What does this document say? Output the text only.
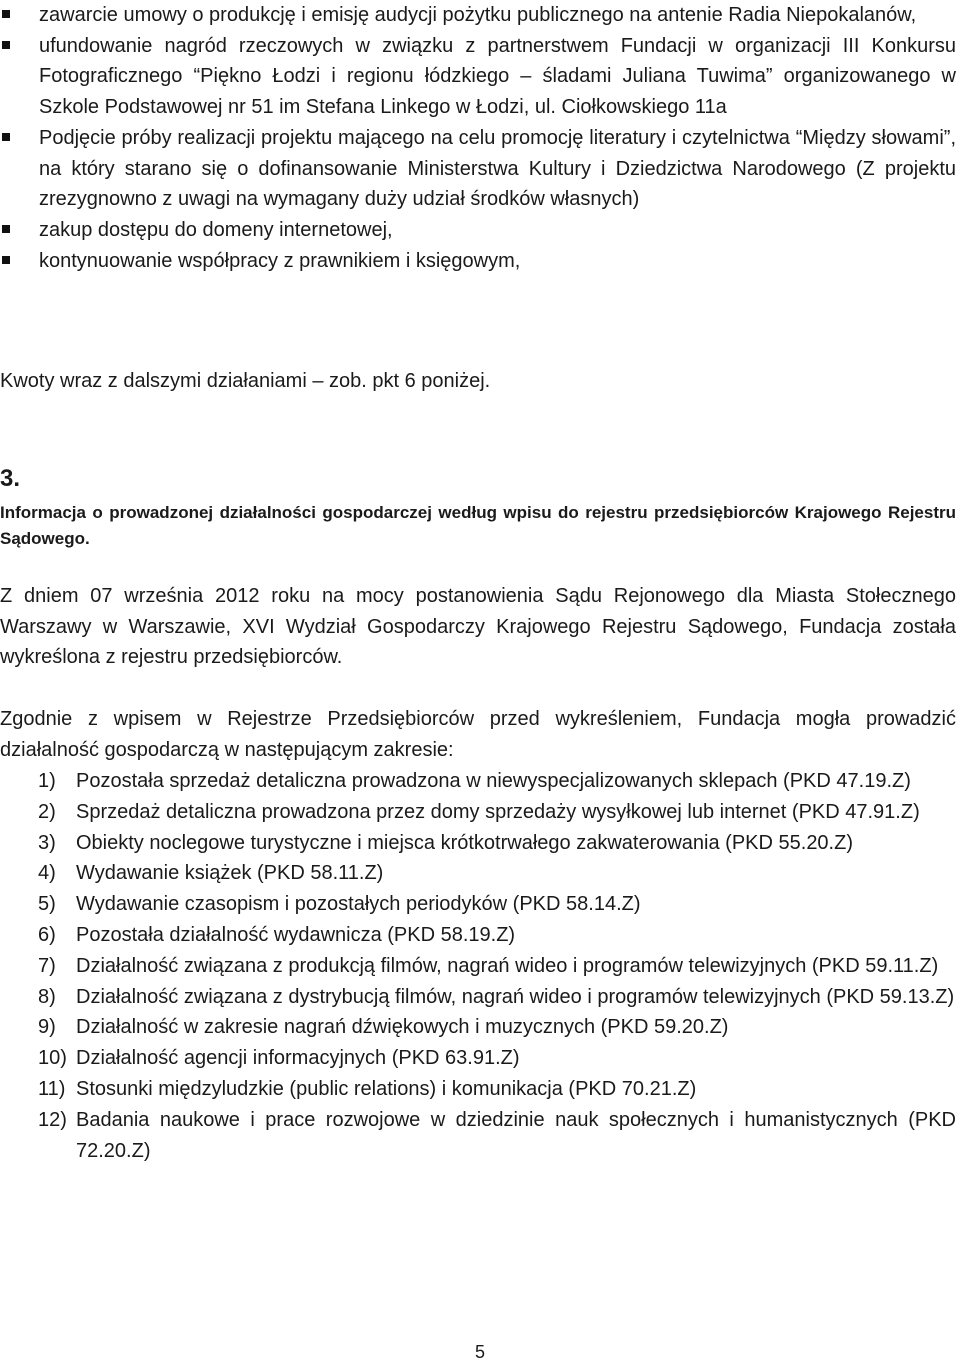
zawarcie umowy o produkcję i emisję audycji pożytku publicznego na antenie Radia Niepokalanów,
ufundowanie nagród rzeczowych w związku z partnerstwem Fundacji w organizacji III Konkursu Fotograficznego “Piękno Łodzi i regionu łódzkiego – śladami Juliana Tuwima” organizowanego w Szkole Podstawowej nr 51 im Stefana Linkego w Łodzi, ul. Ciołkowskiego 11a
Podjęcie próby realizacji projektu mającego na celu promocję literatury i czytelnictwa “Między słowami”, na który starano się o dofinansowanie Ministerstwa Kultury i Dziedzictwa Narodowego (Z projektu zrezygnowno z uwagi na wymagany duży udział środków własnych)
zakup dostępu do domeny internetowej,
kontynuowanie współpracy z prawnikiem i księgowym,

Kwoty wraz z dalszymi działaniami – zob. pkt 6 poniżej.

3.
Informacja o prowadzonej działalności gospodarczej według wpisu do rejestru przedsiębiorców Krajowego Rejestru Sądowego.

Z dniem 07 września 2012 roku na mocy postanowienia Sądu Rejonowego dla Miasta Stołecznego Warszawy w Warszawie, XVI Wydział Gospodarczy Krajowego Rejestru Sądowego, Fundacja została wykreślona z rejestru przedsiębiorców.

Zgodnie z wpisem w Rejestrze Przedsiębiorców przed wykreśleniem, Fundacja mogła prowadzić działalność gospodarczą w następującym zakresie:

1) Pozostała sprzedaż detaliczna prowadzona w niewyspecjalizowanych sklepach (PKD 47.19.Z)
2) Sprzedaż detaliczna prowadzona przez domy sprzedaży wysyłkowej lub internet (PKD 47.91.Z)
3) Obiekty noclegowe turystyczne i miejsca krótkotrwałego zakwaterowania (PKD 55.20.Z)
4) Wydawanie książek (PKD 58.11.Z)
5) Wydawanie czasopism i pozostałych periodyków (PKD 58.14.Z)
6) Pozostała działalność wydawnicza (PKD 58.19.Z)
7) Działalność związana z produkcją filmów, nagrań wideo i programów telewizyjnych (PKD 59.11.Z)
8) Działalność związana z dystrybucją filmów, nagrań wideo i programów telewizyjnych (PKD 59.13.Z)
9) Działalność w zakresie nagrań dźwiękowych i muzycznych (PKD 59.20.Z)
10) Działalność agencji informacyjnych (PKD 63.91.Z)
11) Stosunki międzyludzkie (public relations) i komunikacja (PKD 70.21.Z)
12) Badania naukowe i prace rozwojowe w dziedzinie nauk społecznych i humanistycznych (PKD 72.20.Z)

5
